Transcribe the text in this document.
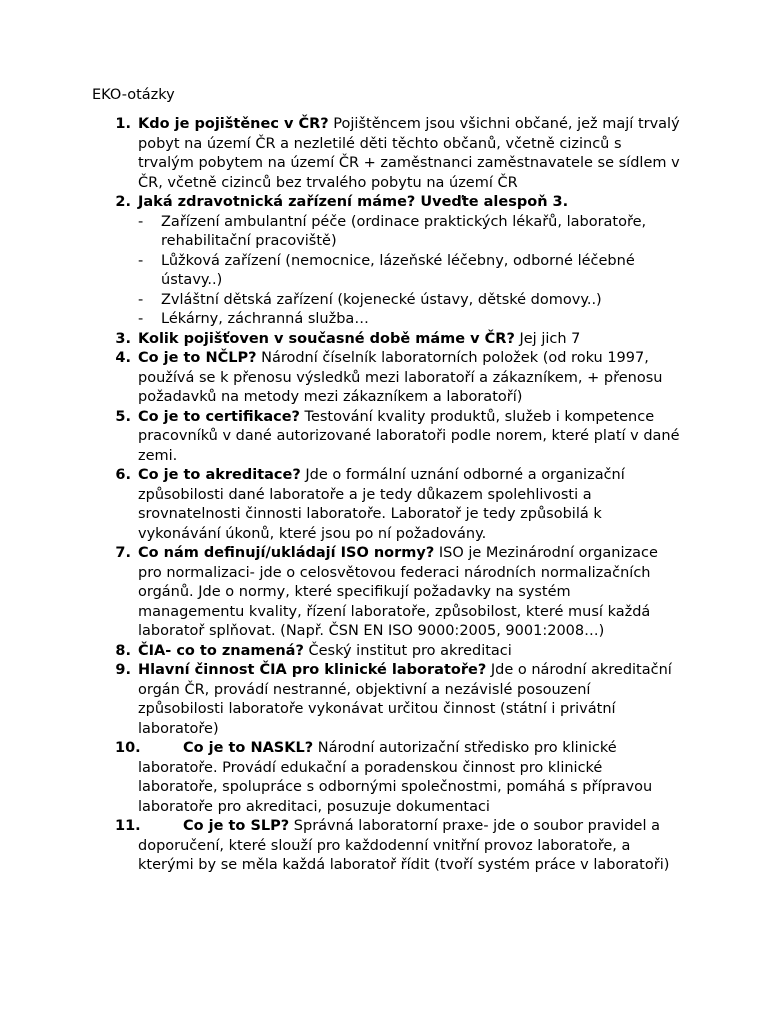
EKO-otázky
1. Kdo je pojištěnec v ČR? Pojištěncem jsou všichni občané, jež mají trvalý pobyt na území ČR a nezletilé děti těchto občanů, včetně cizinců s trvalým pobytem na území ČR + zaměstnanci zaměstnavatele se sídlem v ČR, včetně cizinců bez trvalého pobytu na území ČR
2. Jaká zdravotnická zařízení máme? Uveďte alespoň 3.
- Zařízení ambulantní péče (ordinace praktických lékařů, laboratoře, rehabilitační pracoviště)
- Lůžková zařízení (nemocnice, lázeňské léčebny, odborné léčebné ústavy..)
- Zvláštní dětská zařízení (kojenecké ústavy, dětské domovy..)
- Lékárny, záchranná služba…
3. Kolik pojišťoven v současné době máme v ČR? Jej jich 7
4. Co je to NČLP? Národní číselník laboratorních položek (od roku 1997, používá se k přenosu výsledků mezi laboratoří a zákazníkem, + přenosu požadavků na metody mezi zákazníkem a laboratoří)
5. Co je to certifikace? Testování kvality produktů, služeb i kompetence pracovníků v dané autorizované laboratoři podle norem, které platí v dané zemi.
6. Co je to akreditace? Jde o formální uznání odborné a organizační způsobilosti dané laboratoře a je tedy důkazem spolehlivosti a srovnatelnosti činnosti laboratoře. Laboratoř je tedy způsobilá k vykonávání úkonů, které jsou po ní požadovány.
7. Co nám definují/ukládají ISO normy? ISO je Mezinárodní organizace pro normalizaci- jde o celosvětovou federaci národních normalizačních orgánů. Jde o normy, které specifikují požadavky na systém managementu kvality, řízení laboratoře, způsobilost, které musí každá laboratoř splňovat. (Např. ČSN EN ISO 9000:2005, 9001:2008…)
8. ČIA- co to znamená? Český institut pro akreditaci
9. Hlavní činnost ČIA pro klinické laboratoře? Jde o národní akreditační orgán ČR, provádí nestranné, objektivní a nezávislé posouzení způsobilosti laboratoře vykonávat určitou činnost (státní i privátní laboratoře)
10.	Co je to NASKL? Národní autorizační středisko pro klinické laboratoře. Provádí edukační a poradenskou činnost pro klinické laboratoře, spolupráce s odbornými společnostmi, pomáhá s přípravou laboratoře pro akreditaci, posuzuje dokumentaci
11.	Co je to SLP? Správná laboratorní praxe- jde o soubor pravidel a doporučení, které slouží pro každodenní vnitřní provoz laboratoře, a kterými by se měla každá laboratoř řídit (tvoří systém práce v laboratoři)
